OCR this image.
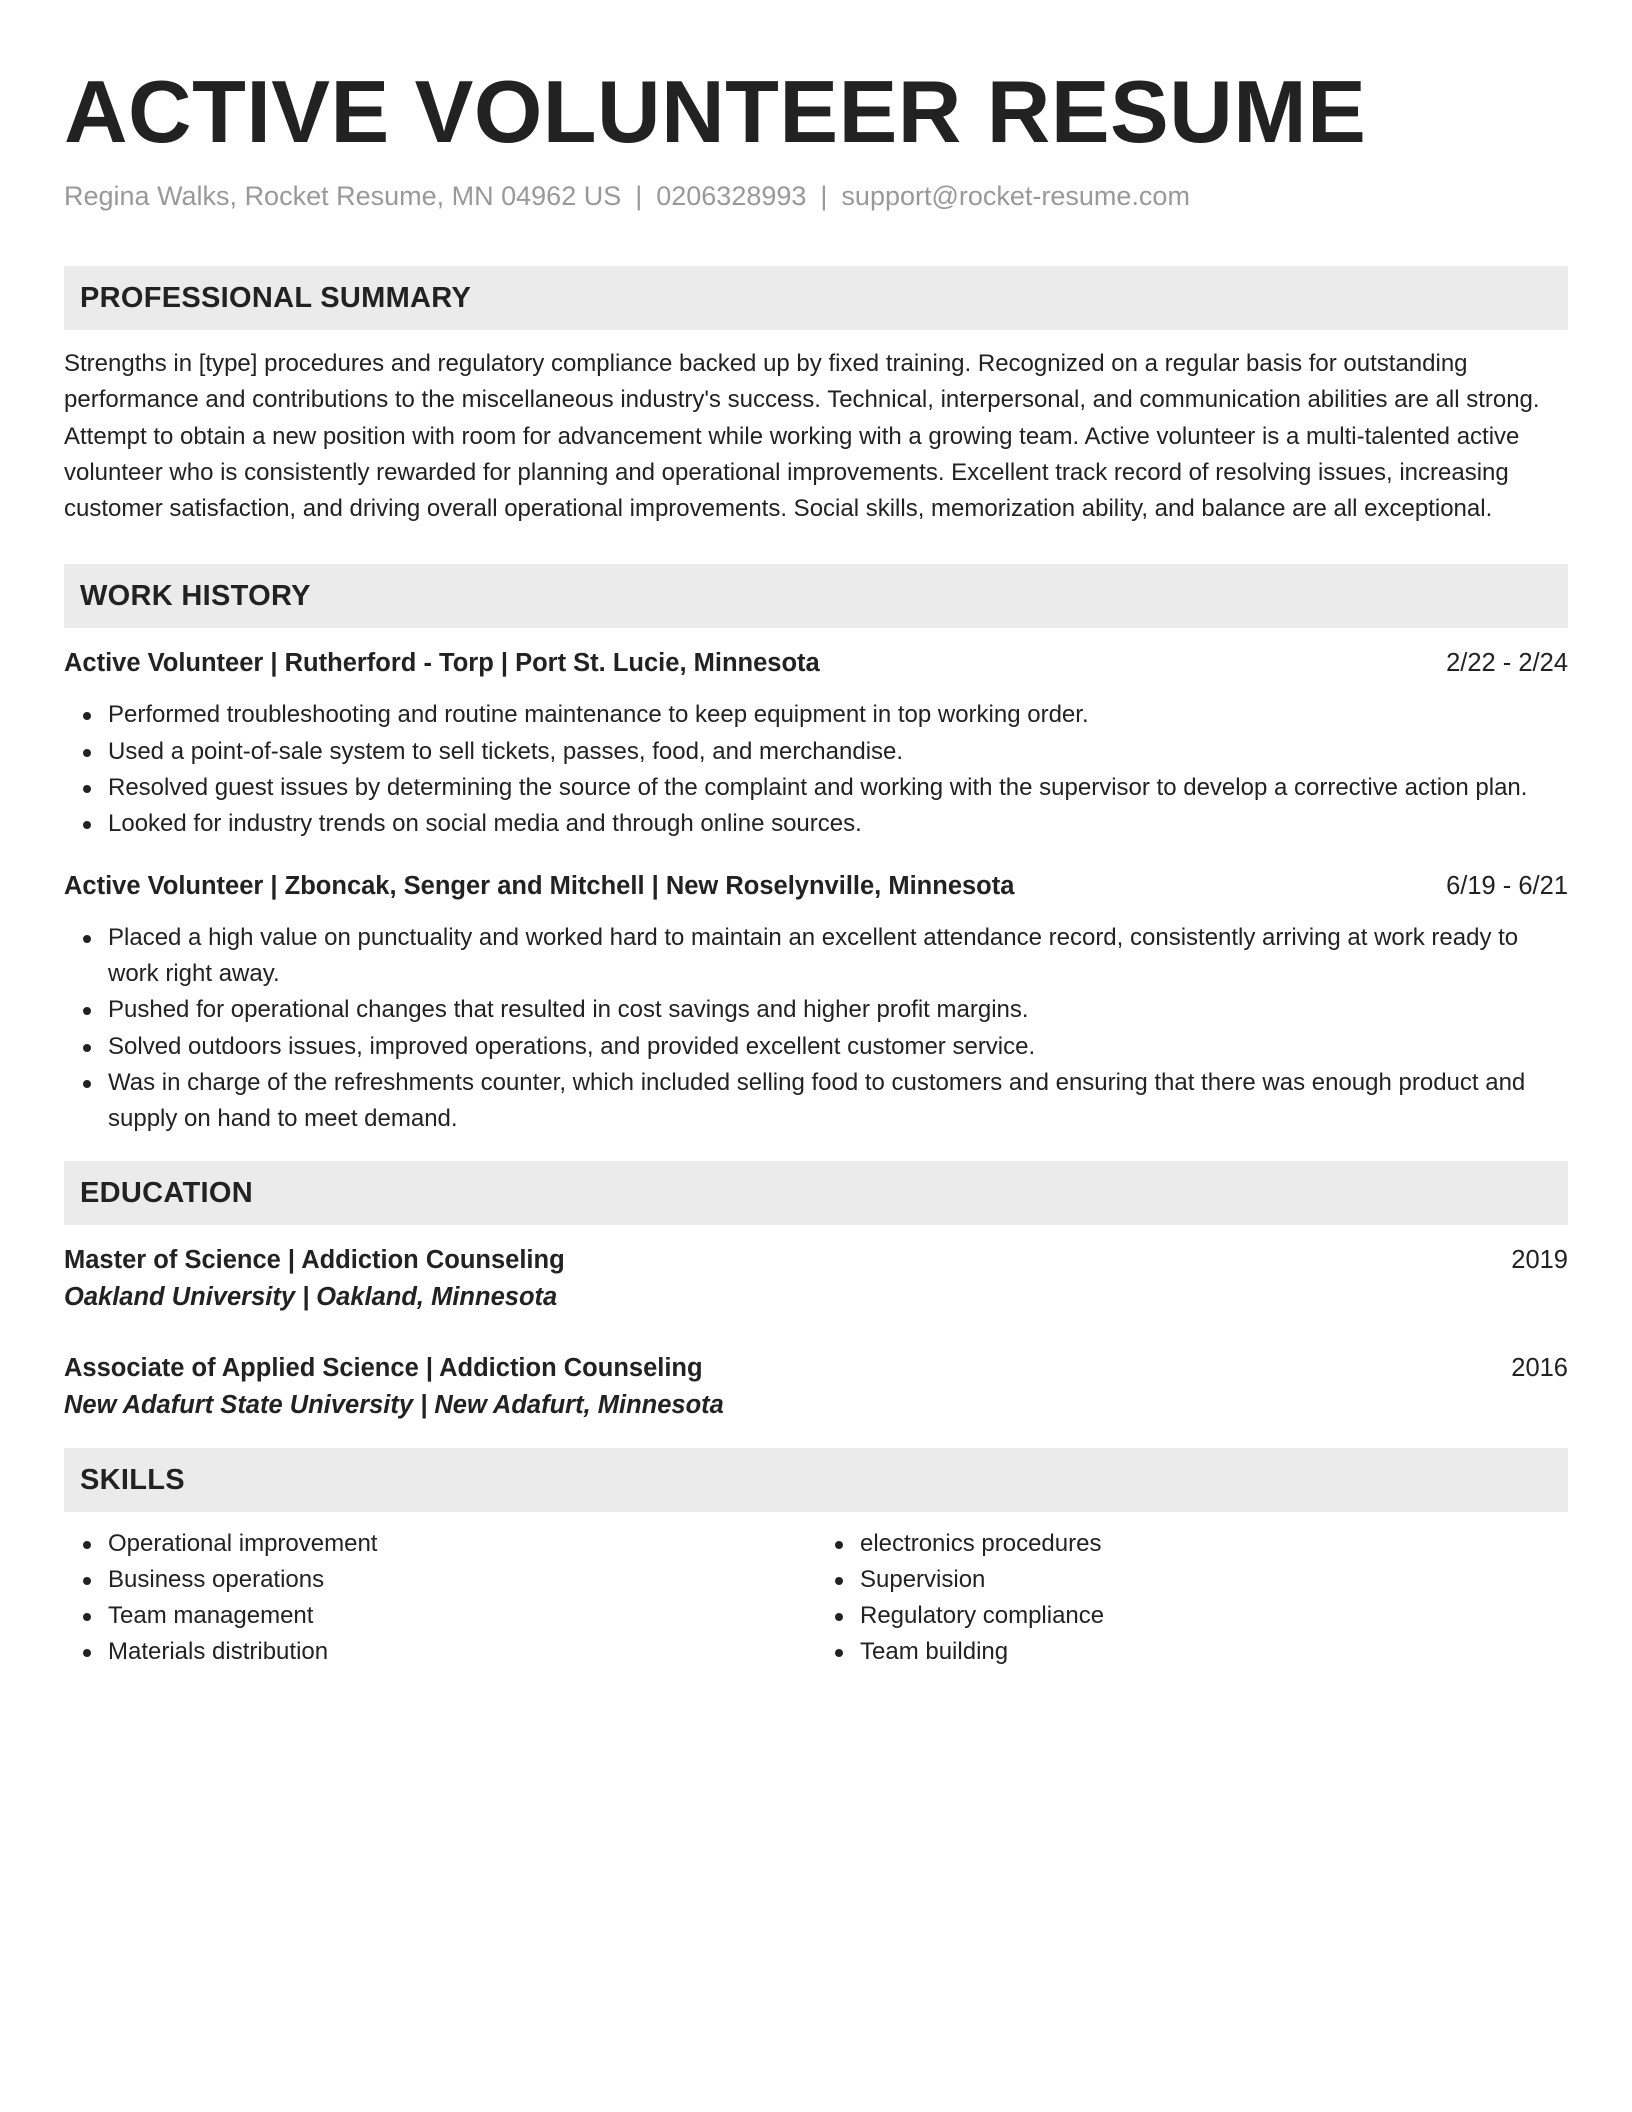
ACTIVE VOLUNTEER RESUME
Regina Walks, Rocket Resume, MN 04962 US | 0206328993 | support@rocket-resume.com
PROFESSIONAL SUMMARY

Strengths in [type] procedures and regulatory compliance backed up by fixed training. Recognized on a regular basis for outstanding performance and contributions to the miscellaneous industry's success. Technical, interpersonal, and communication abilities are all strong. Attempt to obtain a new position with room for advancement while working with a growing team. Active volunteer is a multi-talented active volunteer who is consistently rewarded for planning and operational improvements. Excellent track record of resolving issues, increasing customer satisfaction, and driving overall operational improvements. Social skills, memorization ability, and balance are all exceptional.

WORK HISTORY
Active Volunteer | Rutherford - Torp | Port St. Lucie, Minnesota	2/22 - 2/24
Performed troubleshooting and routine maintenance to keep equipment in top working order.
Used a point-of-sale system to sell tickets, passes, food, and merchandise.
Resolved guest issues by determining the source of the complaint and working with the supervisor to develop a corrective action plan.
Looked for industry trends on social media and through online sources.
Active Volunteer | Zboncak, Senger and Mitchell | New Roselynville, Minnesota	6/19 - 6/21
Placed a high value on punctuality and worked hard to maintain an excellent attendance record, consistently arriving at work ready to work right away.
Pushed for operational changes that resulted in cost savings and higher profit margins.
Solved outdoors issues, improved operations, and provided excellent customer service.
Was in charge of the refreshments counter, which included selling food to customers and ensuring that there was enough product and supply on hand to meet demand.
EDUCATION
Master of Science | Addiction Counseling	2019
Oakland University | Oakland, Minnesota
Associate of Applied Science | Addiction Counseling	2016
New Adafurt State University | New Adafurt, Minnesota
SKILLS
Operational improvement
Business operations
Team management
Materials distribution
electronics procedures
Supervision
Regulatory compliance
Team building
